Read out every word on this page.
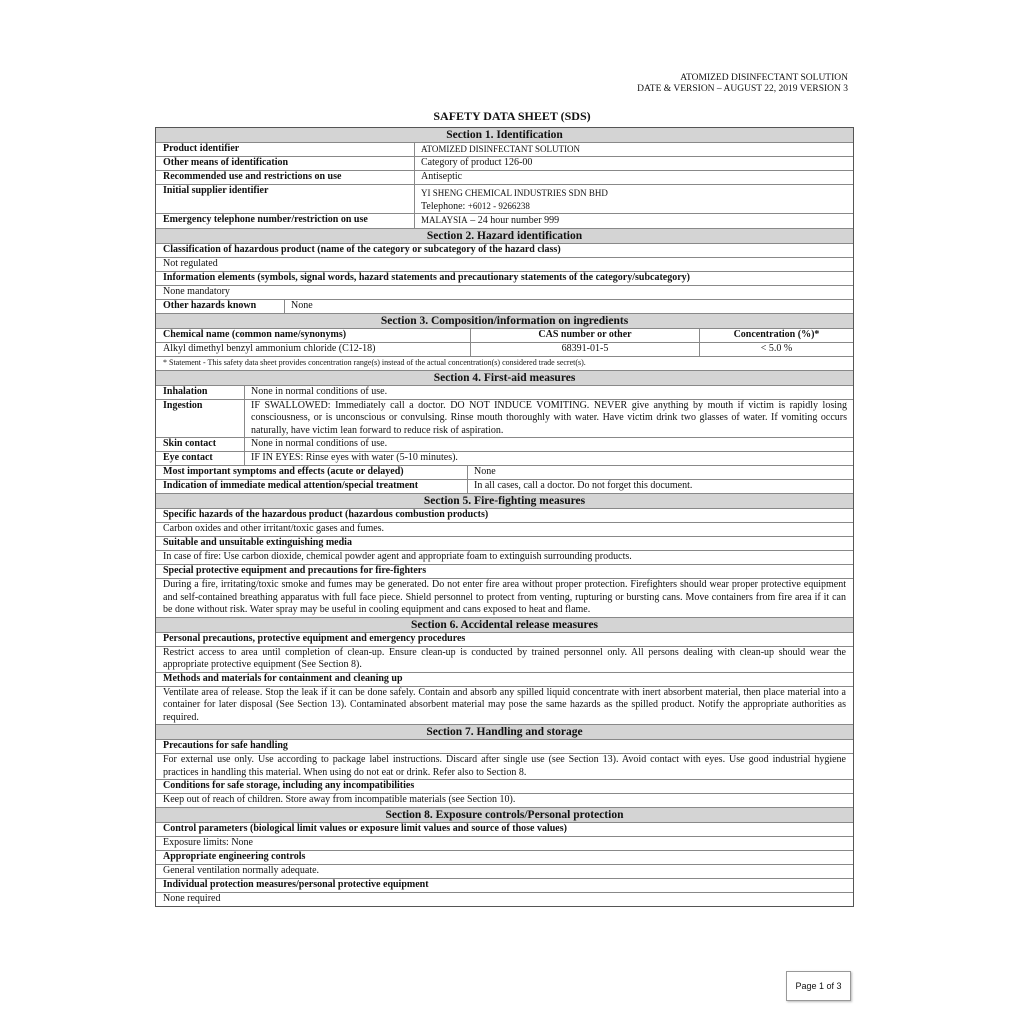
ATOMIZED DISINFECTANT SOLUTION
DATE & VERSION – AUGUST 22, 2019 VERSION 3
SAFETY DATA SHEET (SDS)
Section 1. Identification
Product identifier	ATOMIZED DISINFECTANT SOLUTION
Other means of identification	Category of product 126-00
Recommended use and restrictions on use	Antiseptic
Initial supplier identifier	YI SHENG CHEMICAL INDUSTRIES SDN BHD
Telephone: +6012 - 9266238
Emergency telephone number/restriction on use	MALAYSIA – 24 hour number 999
Section 2. Hazard identification
Classification of hazardous product (name of the category or subcategory of the hazard class)
Not regulated
Information elements (symbols, signal words, hazard statements and precautionary statements of the category/subcategory)
None mandatory
Other hazards known	None
Section 3. Composition/information on ingredients
Chemical name (common name/synonyms)	CAS number or other	Concentration (%)*
Alkyl dimethyl benzyl ammonium chloride (C12-18)	68391-01-5	< 5.0 %
* Statement - This safety data sheet provides concentration range(s) instead of the actual concentration(s) considered trade secret(s).
Section 4. First-aid measures
Inhalation	None in normal conditions of use.
Ingestion	IF SWALLOWED: Immediately call a doctor. DO NOT INDUCE VOMITING. NEVER give anything by mouth if victim is rapidly losing consciousness, or is unconscious or convulsing. Rinse mouth thoroughly with water. Have victim drink two glasses of water. If vomiting occurs naturally, have victim lean forward to reduce risk of aspiration.
Skin contact	None in normal conditions of use.
Eye contact	IF IN EYES: Rinse eyes with water (5-10 minutes).
Most important symptoms and effects (acute or delayed)	None
Indication of immediate medical attention/special treatment	In all cases, call a doctor. Do not forget this document.
Section 5. Fire-fighting measures
Specific hazards of the hazardous product (hazardous combustion products)
Carbon oxides and other irritant/toxic gases and fumes.
Suitable and unsuitable extinguishing media
In case of fire: Use carbon dioxide, chemical powder agent and appropriate foam to extinguish surrounding products.
Special protective equipment and precautions for fire-fighters
During a fire, irritating/toxic smoke and fumes may be generated. Do not enter fire area without proper protection. Firefighters should wear proper protective equipment and self-contained breathing apparatus with full face piece. Shield personnel to protect from venting, rupturing or bursting cans. Move containers from fire area if it can be done without risk. Water spray may be useful in cooling equipment and cans exposed to heat and flame.
Section 6. Accidental release measures
Personal precautions, protective equipment and emergency procedures
Restrict access to area until completion of clean-up. Ensure clean-up is conducted by trained personnel only. All persons dealing with clean-up should wear the appropriate protective equipment (See Section 8).
Methods and materials for containment and cleaning up
Ventilate area of release. Stop the leak if it can be done safely. Contain and absorb any spilled liquid concentrate with inert absorbent material, then place material into a container for later disposal (See Section 13). Contaminated absorbent material may pose the same hazards as the spilled product. Notify the appropriate authorities as required.
Section 7. Handling and storage
Precautions for safe handling
For external use only. Use according to package label instructions. Discard after single use (see Section 13). Avoid contact with eyes. Use good industrial hygiene practices in handling this material. When using do not eat or drink. Refer also to Section 8.
Conditions for safe storage, including any incompatibilities
Keep out of reach of children. Store away from incompatible materials (see Section 10).
Section 8. Exposure controls/Personal protection
Control parameters (biological limit values or exposure limit values and source of those values)
Exposure limits: None
Appropriate engineering controls
General ventilation normally adequate.
Individual protection measures/personal protective equipment
None required
Page 1 of 3
